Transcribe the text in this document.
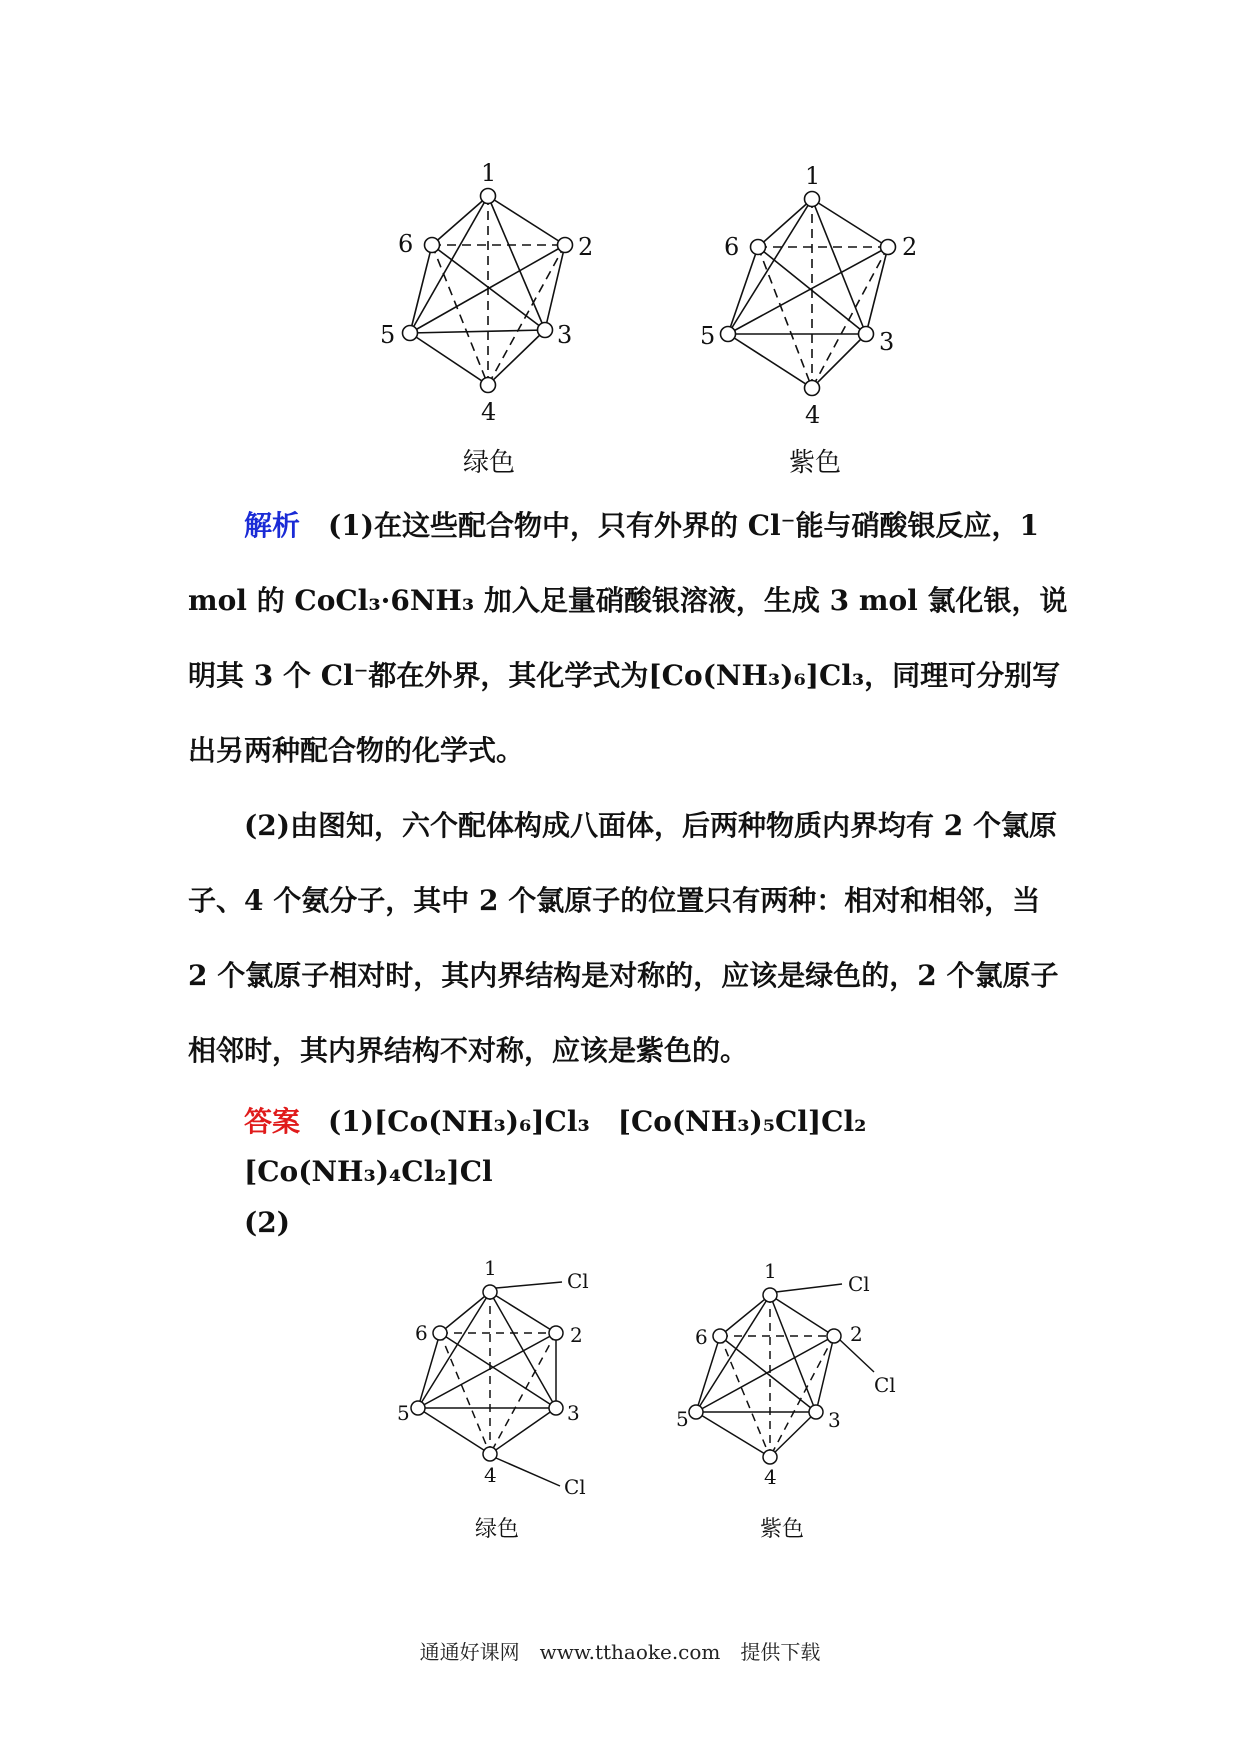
1
2
3
4
5
6
1
2
3
4
5
6
绿色	紫色
解析　 (1)在这些配合物中，只有外界的 Cl⁻能与硝酸银反应，1 mol 的 CoCl₃·6NH₃ 加入足量硝酸银溶液，生成 3 mol 氯化银，说明其 3 个 Cl⁻都在外界，其化学式为[Co(NH₃)₆]Cl₃，同理可分别写出另两种配合物的化学式。
(2)由图知，六个配体构成八面体，后两种物质内界均有 2 个氯原子、4 个氨分子，其中 2 个氯原子的位置只有两种：相对和相邻，当 2 个氯原子相对时，其内界结构是对称的，应该是绿色的，2 个氯原子相邻时，其内界结构不对称，应该是紫色的。
答案　 (1)[Co(NH₃)₆]Cl₃　[Co(NH₃)₅Cl]Cl₂
[Co(NH₃)₄Cl₂]Cl
(2)
1
2
3
4
5
6
Cl
Cl
1
2
3
4
5
6
Cl
Cl
绿色	紫色
通通好课网　www.tthaoke.com　提供下载
